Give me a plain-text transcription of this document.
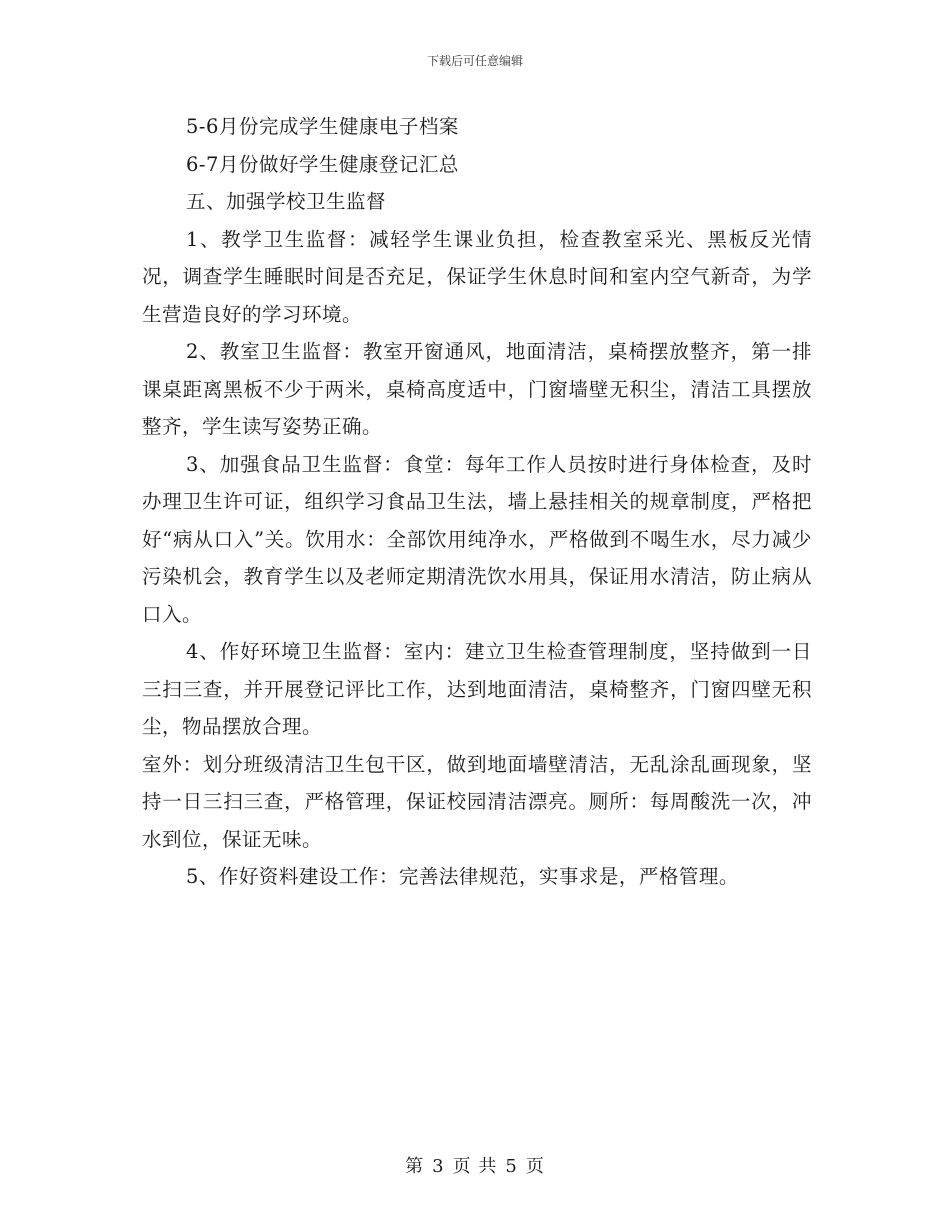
下载后可任意编辑

5-6月份完成学生健康电子档案

6-7月份做好学生健康登记汇总

五、加强学校卫生监督

1、教学卫生监督：减轻学生课业负担，检查教室采光、黑板反光情况，调查学生睡眠时间是否充足，保证学生休息时间和室内空气新奇，为学生营造良好的学习环境。

2、教室卫生监督：教室开窗通风，地面清洁，桌椅摆放整齐，第一排课桌距离黑板不少于两米，桌椅高度适中，门窗墙壁无积尘，清洁工具摆放整齐，学生读写姿势正确。

3、加强食品卫生监督：食堂：每年工作人员按时进行身体检查，及时办理卫生许可证，组织学习食品卫生法，墙上悬挂相关的规章制度，严格把好“病从口入”关。饮用水：全部饮用纯净水，严格做到不喝生水，尽力减少污染机会，教育学生以及老师定期清洗饮水用具，保证用水清洁，防止病从口入。

4、作好环境卫生监督：室内：建立卫生检查管理制度，坚持做到一日三扫三查，并开展登记评比工作，达到地面清洁，桌椅整齐，门窗四壁无积尘，物品摆放合理。

室外：划分班级清洁卫生包干区，做到地面墙壁清洁，无乱涂乱画现象，坚持一日三扫三查，严格管理，保证校园清洁漂亮。厕所：每周酸洗一次，冲水到位，保证无味。

5、作好资料建设工作：完善法律规范，实事求是，严格管理。

第 3 页 共 5 页
